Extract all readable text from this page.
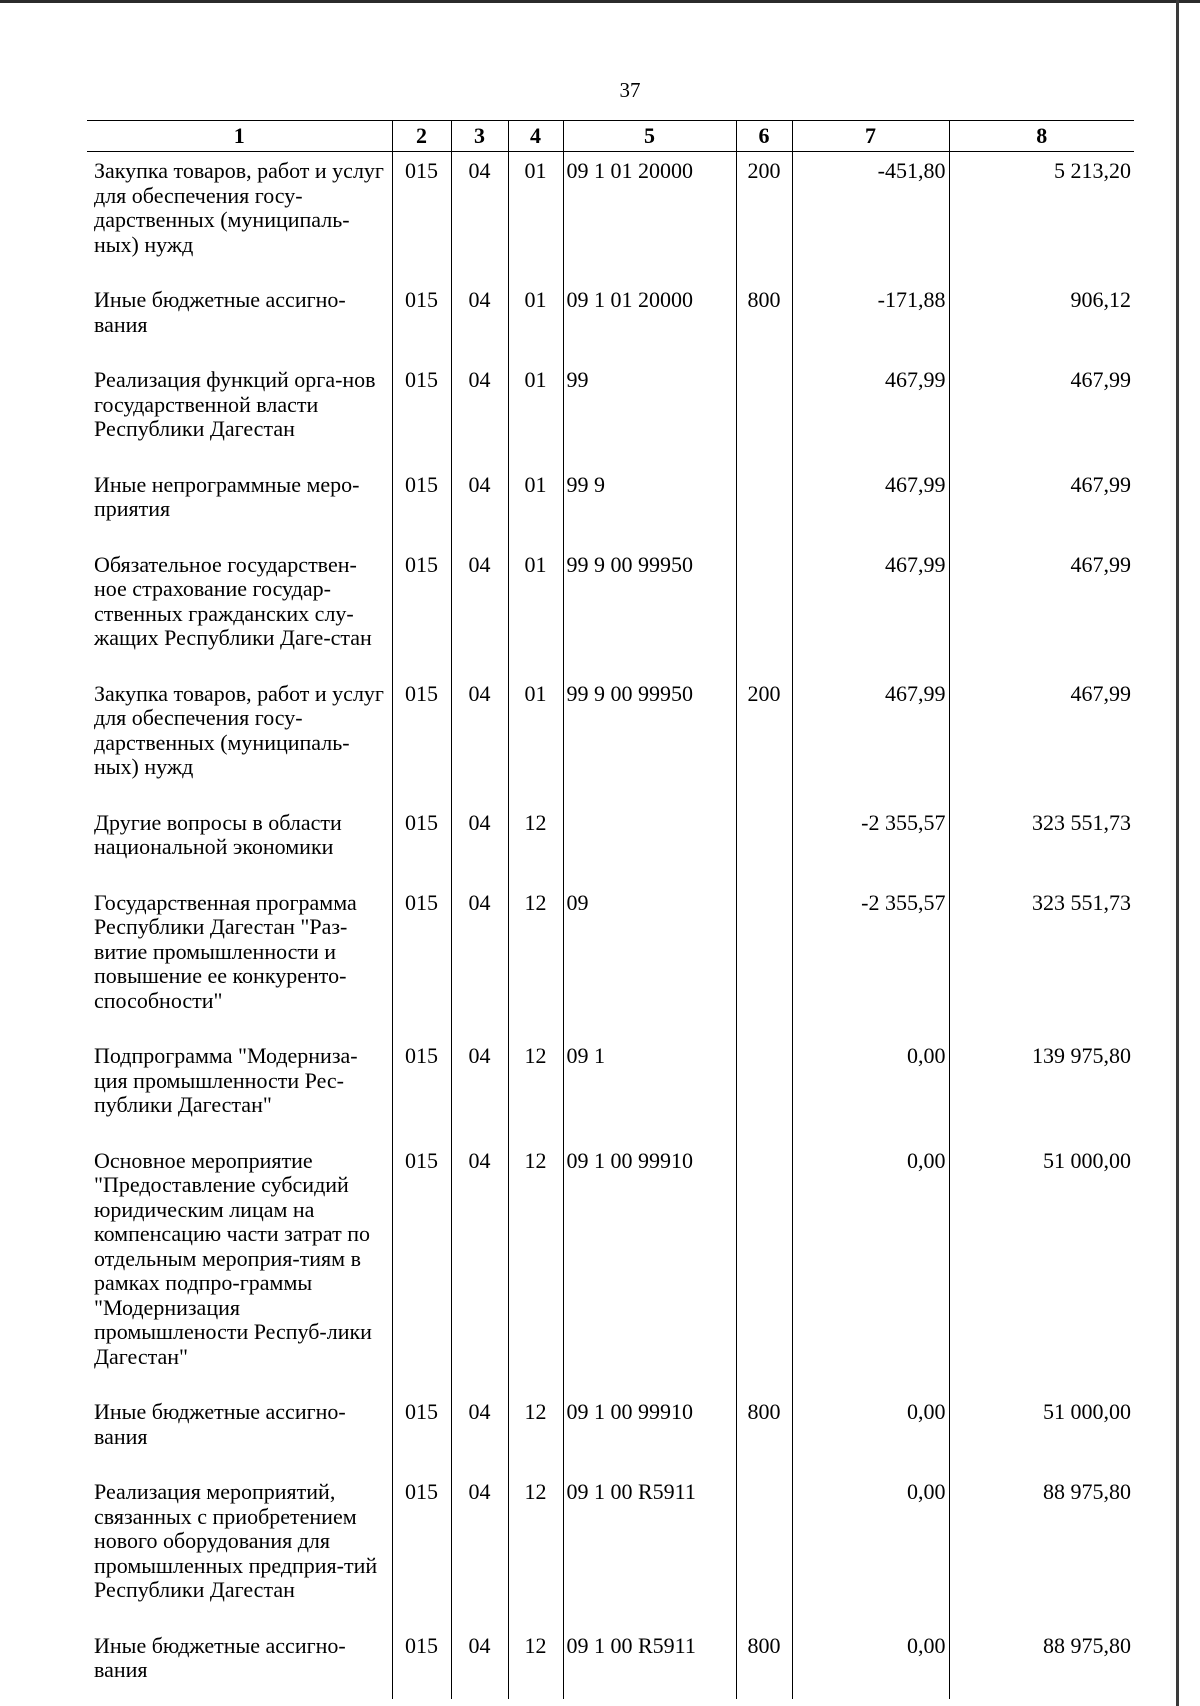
37
1	2	3	4	5	6	7	8
Закупка товаров, работ и услуг для обеспечения госу-дарственных (муниципаль-ных) нужд	015	04	01	09 1 01 20000	200	-451,80	5 213,20
Иные бюджетные ассигно-вания	015	04	01	09 1 01 20000	800	-171,88	906,12
Реализация функций орга-нов государственной власти Республики Дагестан	015	04	01	99		467,99	467,99
Иные непрограммные меро-приятия	015	04	01	99 9		467,99	467,99
Обязательное государствен-ное страхование государ-ственных гражданских слу-жащих Республики Даге-стан	015	04	01	99 9 00 99950		467,99	467,99
Закупка товаров, работ и услуг для обеспечения госу-дарственных (муниципаль-ных) нужд	015	04	01	99 9 00 99950	200	467,99	467,99
Другие вопросы в области национальной экономики	015	04	12			-2 355,57	323 551,73
Государственная программа Республики Дагестан "Раз-витие промышленности и повышение ее конкуренто-способности"	015	04	12	09		-2 355,57	323 551,73
Подпрограмма "Модерниза-ция промышленности Рес-публики Дагестан"	015	04	12	09 1		0,00	139 975,80
Основное мероприятие "Предоставление субсидий юридическим лицам на компенсацию части затрат по отдельным мероприя-тиям в рамках подпро-граммы "Модернизация промышлености Респуб-лики Дагестан"	015	04	12	09 1 00 99910		0,00	51 000,00
Иные бюджетные ассигно-вания	015	04	12	09 1 00 99910	800	0,00	51 000,00
Реализация мероприятий, связанных с приобретением нового оборудования для промышленных предприя-тий Республики Дагестан	015	04	12	09 1 00 R5911		0,00	88 975,80
Иные бюджетные ассигно-вания	015	04	12	09 1 00 R5911	800	0,00	88 975,80
